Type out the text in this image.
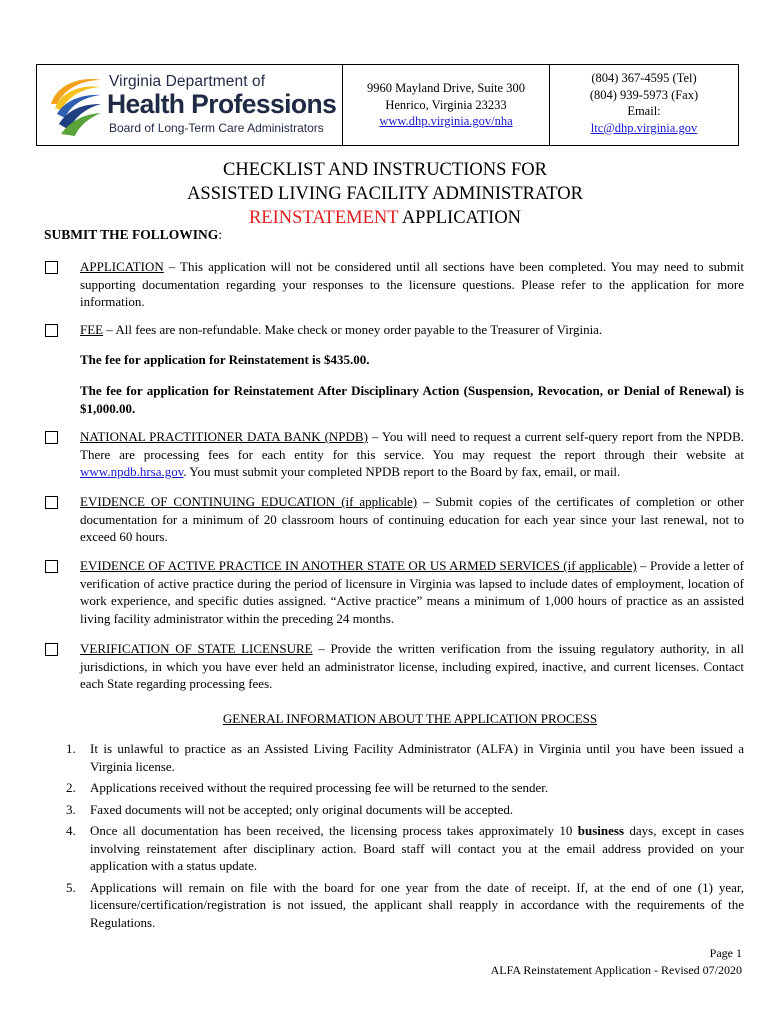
Virginia Department of
Health Professions
Board of Long-Term Care Administrators
9960 Mayland Drive, Suite 300
Henrico, Virginia 23233
www.dhp.virginia.gov/nha
(804) 367-4595 (Tel)
(804) 939-5973 (Fax)
Email:
ltc@dhp.virginia.gov
CHECKLIST AND INSTRUCTIONS FOR
ASSISTED LIVING FACILITY ADMINISTRATOR
REINSTATEMENT APPLICATION
SUBMIT THE FOLLOWING:
APPLICATION – This application will not be considered until all sections have been completed. You may need to submit supporting documentation regarding your responses to the licensure questions. Please refer to the application for more information.
FEE – All fees are non-refundable. Make check or money order payable to the Treasurer of Virginia.
The fee for application for Reinstatement is $435.00.
The fee for application for Reinstatement After Disciplinary Action (Suspension, Revocation, or Denial of Renewal) is $1,000.00.
NATIONAL PRACTITIONER DATA BANK (NPDB) – You will need to request a current self-query report from the NPDB. There are processing fees for each entity for this service. You may request the report through their website at www.npdb.hrsa.gov. You must submit your completed NPDB report to the Board by fax, email, or mail.
EVIDENCE OF CONTINUING EDUCATION (if applicable) – Submit copies of the certificates of completion or other documentation for a minimum of 20 classroom hours of continuing education for each year since your last renewal, not to exceed 60 hours.
EVIDENCE OF ACTIVE PRACTICE IN ANOTHER STATE OR US ARMED SERVICES (if applicable) – Provide a letter of verification of active practice during the period of licensure in Virginia was lapsed to include dates of employment, location of work experience, and specific duties assigned. “Active practice” means a minimum of 1,000 hours of practice as an assisted living facility administrator within the preceding 24 months.
VERIFICATION OF STATE LICENSURE – Provide the written verification from the issuing regulatory authority, in all jurisdictions, in which you have ever held an administrator license, including expired, inactive, and current licenses. Contact each State regarding processing fees.
GENERAL INFORMATION ABOUT THE APPLICATION PROCESS
1. It is unlawful to practice as an Assisted Living Facility Administrator (ALFA) in Virginia until you have been issued a Virginia license.
2. Applications received without the required processing fee will be returned to the sender.
3. Faxed documents will not be accepted; only original documents will be accepted.
4. Once all documentation has been received, the licensing process takes approximately 10 business days, except in cases involving reinstatement after disciplinary action. Board staff will contact you at the email address provided on your application with a status update.
5. Applications will remain on file with the board for one year from the date of receipt. If, at the end of one (1) year, licensure/certification/registration is not issued, the applicant shall reapply in accordance with the requirements of the Regulations.
Page 1
ALFA Reinstatement Application - Revised 07/2020
